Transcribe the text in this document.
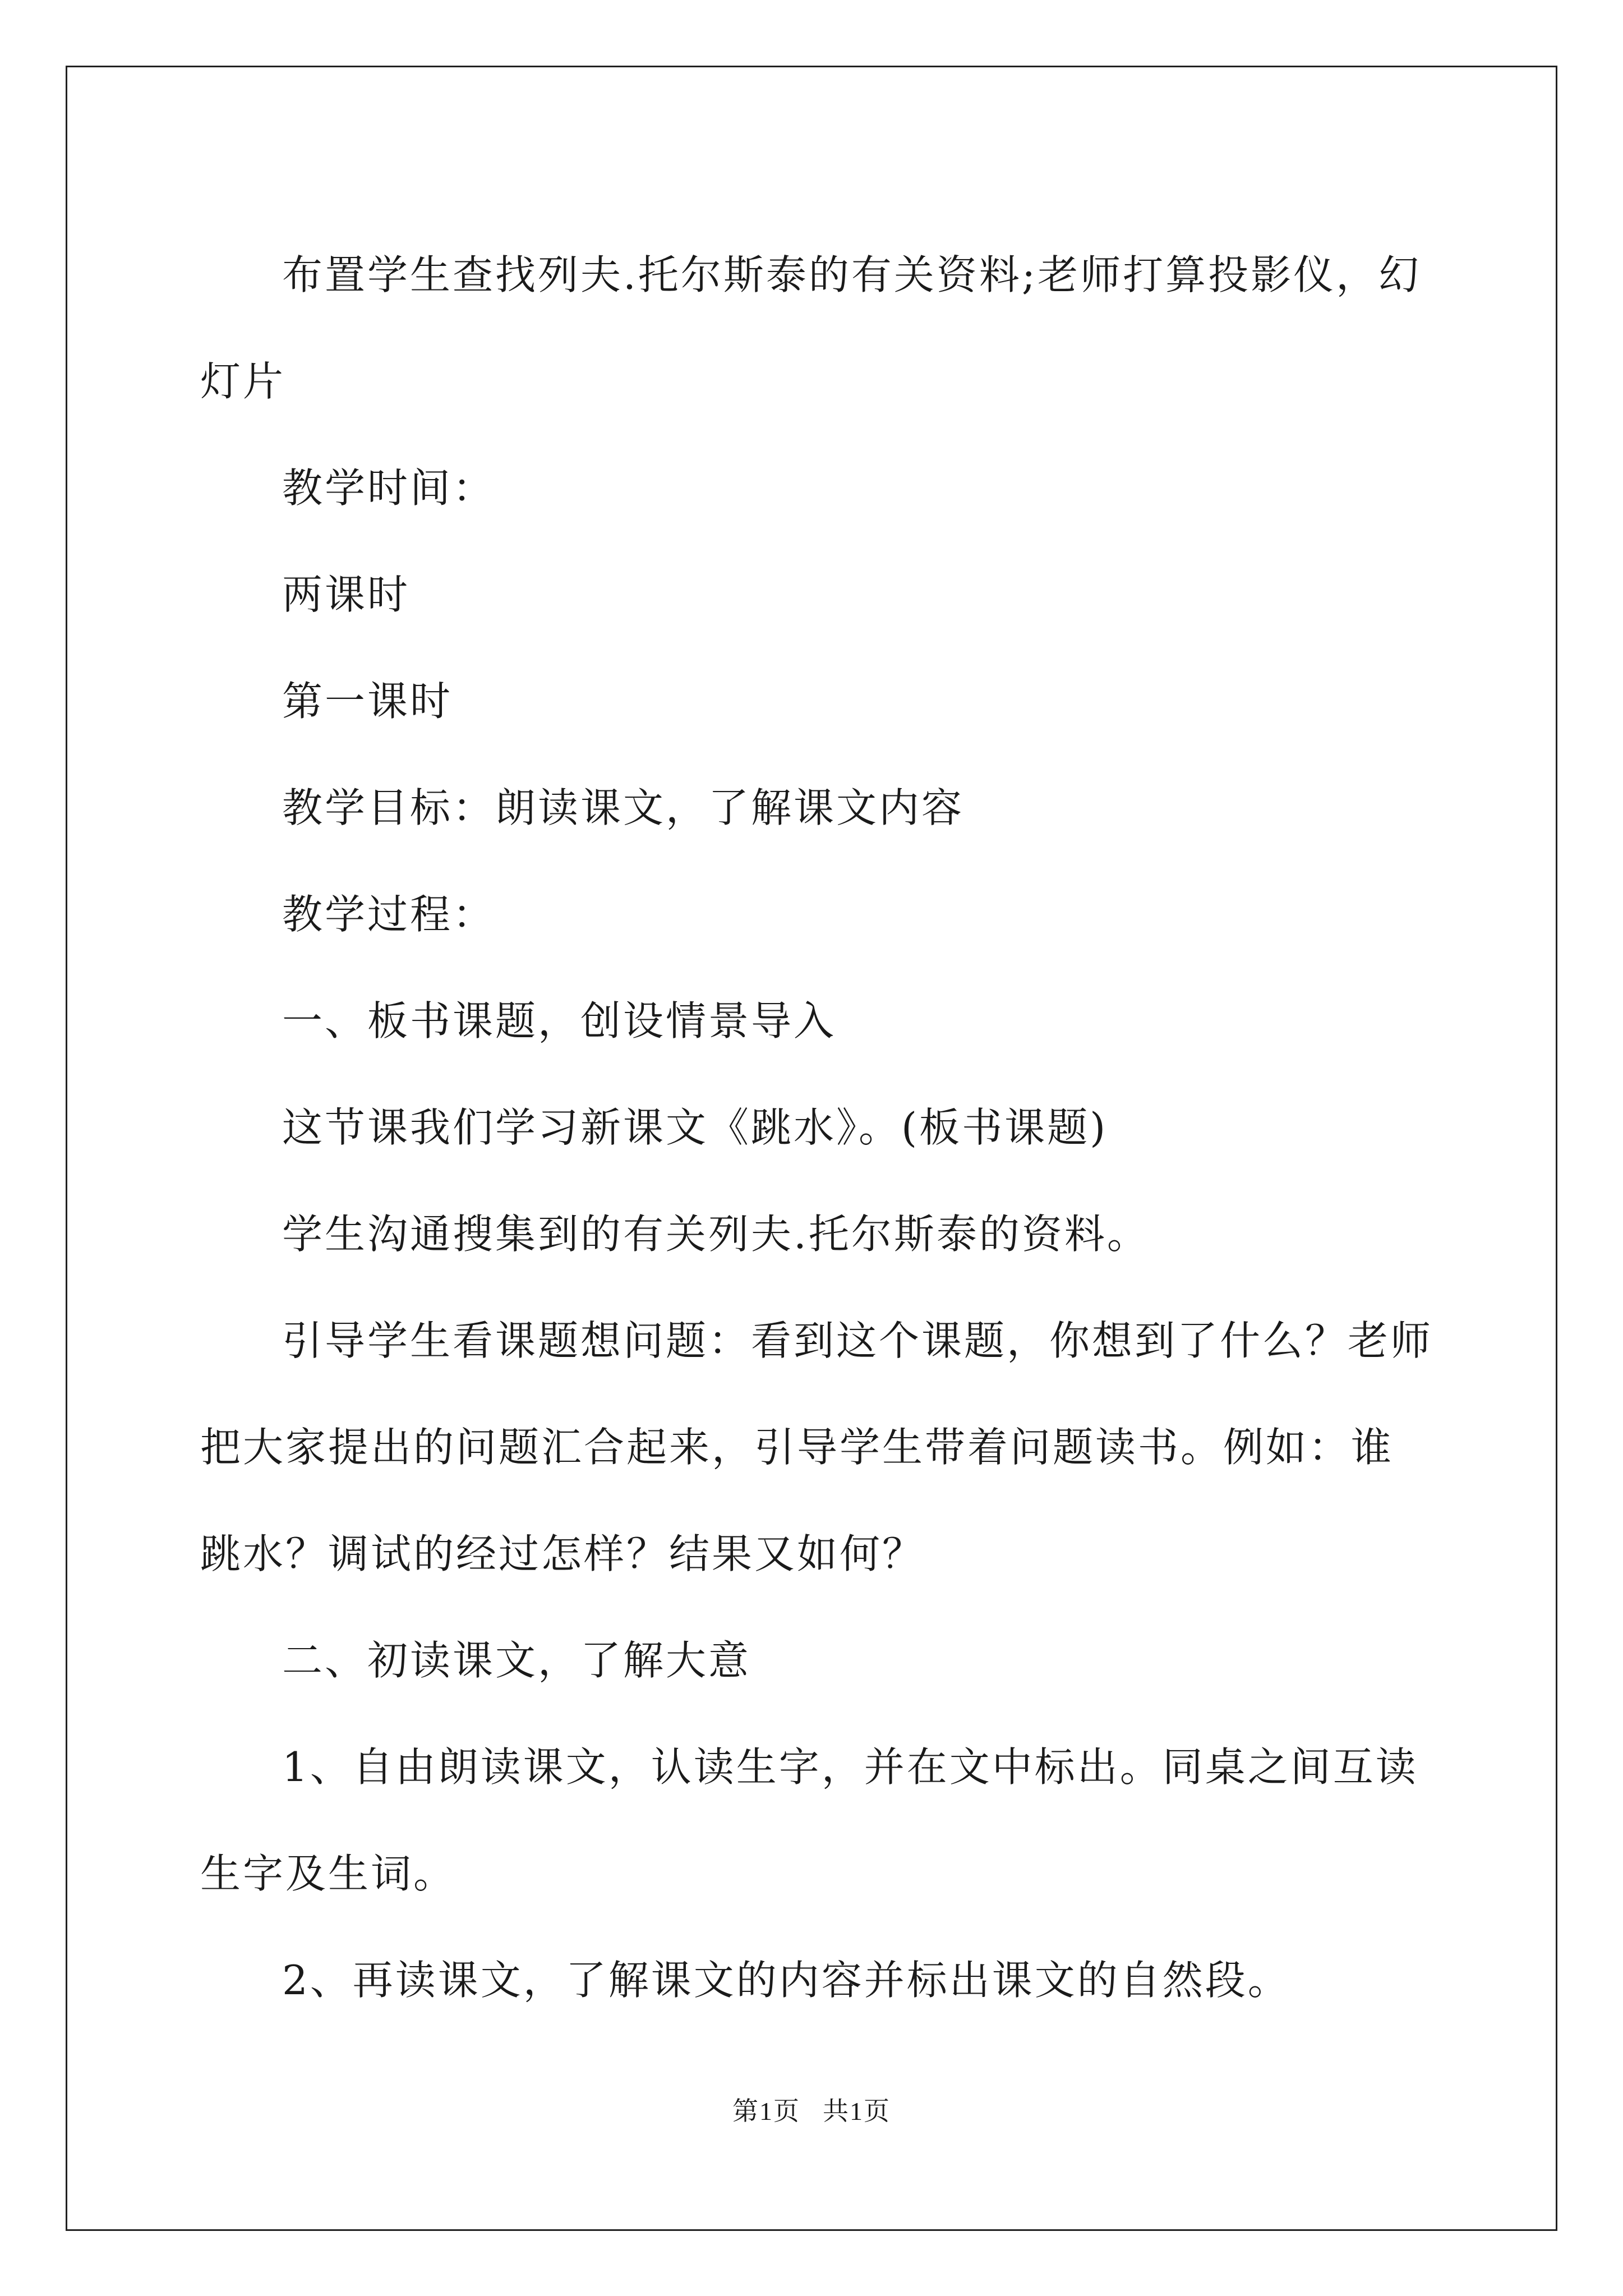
布置学生查找列夫.托尔斯泰的有关资料;老师打算投影仪，幻灯片

教学时间：

两课时

第一课时

教学目标：朗读课文，了解课文内容

教学过程：

一、板书课题，创设情景导入

这节课我们学习新课文《跳水》。(板书课题)

学生沟通搜集到的有关列夫.托尔斯泰的资料。

引导学生看课题想问题：看到这个课题，你想到了什么？老师把大家提出的问题汇合起来，引导学生带着问题读书。例如：谁跳水？调试的经过怎样？结果又如何？

二、初读课文，了解大意

1、自由朗读课文，认读生字，并在文中标出。同桌之间互读生字及生词。

2、再读课文，了解课文的内容并标出课文的自然段。

第1页 共1页
